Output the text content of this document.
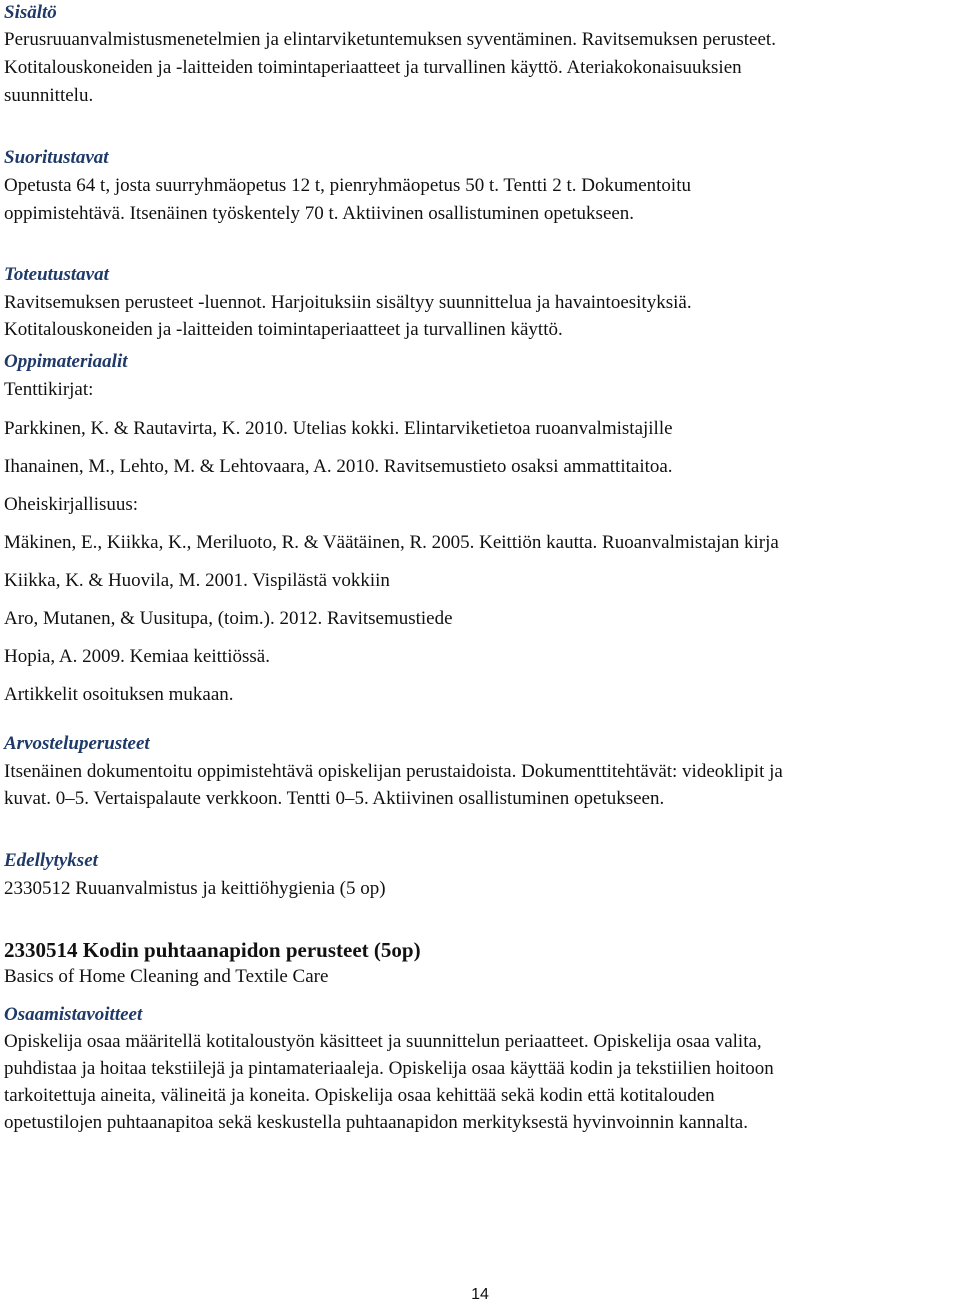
Sisältö
Perusruuanvalmistusmenetelmien ja elintarviketuntemuksen syventäminen. Ravitsemuksen perusteet.
Kotitalouskoneiden ja -laitteiden toimintaperiaatteet ja turvallinen käyttö. Ateriakokonaisuuksien
suunnittelu.
Suoritustavat
Opetusta 64 t, josta suurryhmäopetus 12 t, pienryhmäopetus 50 t. Tentti 2 t. Dokumentoitu
oppimistehtävä. Itsenäinen työskentely 70 t. Aktiivinen osallistuminen opetukseen.
Toteutustavat
Ravitsemuksen perusteet -luennot. Harjoituksiin sisältyy suunnittelua ja havaintoesityksiä.
Kotitalouskoneiden ja -laitteiden toimintaperiaatteet ja turvallinen käyttö.
Oppimateriaalit
Tenttikirjat:
Parkkinen, K. & Rautavirta, K. 2010. Utelias kokki. Elintarviketietoa ruoanvalmistajille
Ihanainen, M., Lehto, M. & Lehtovaara, A. 2010. Ravitsemustieto osaksi ammattitaitoa.
Oheiskirjallisuus:
Mäkinen, E., Kiikka, K., Meriluoto, R. & Väätäinen, R. 2005. Keittiön kautta. Ruoanvalmistajan kirja
Kiikka, K. & Huovila, M. 2001. Vispilästä vokkiin
Aro, Mutanen, & Uusitupa, (toim.). 2012. Ravitsemustiede
Hopia, A. 2009. Kemiaa keittiössä.
Artikkelit osoituksen mukaan.
Arvosteluperusteet
Itsenäinen dokumentoitu oppimistehtävä opiskelijan perustaidoista. Dokumenttitehtävät: videoklipit ja
kuvat. 0–5. Vertaispalaute verkkoon. Tentti 0–5. Aktiivinen osallistuminen opetukseen.
Edellytykset
2330512 Ruuanvalmistus ja keittiöhygienia (5 op)
2330514 Kodin puhtaanapidon perusteet (5op)
Basics of Home Cleaning and Textile Care
Osaamistavoitteet
Opiskelija osaa määritellä kotitaloustyön käsitteet ja suunnittelun periaatteet. Opiskelija osaa valita,
puhdistaa ja hoitaa tekstiilejä ja pintamateriaaleja. Opiskelija osaa käyttää kodin ja tekstiilien hoitoon
tarkoitettuja aineita, välineitä ja koneita. Opiskelija osaa kehittää sekä kodin että kotitalouden
opetustilojen puhtaanapitoa sekä keskustella puhtaanapidon merkityksestä hyvinvoinnin kannalta.
14
